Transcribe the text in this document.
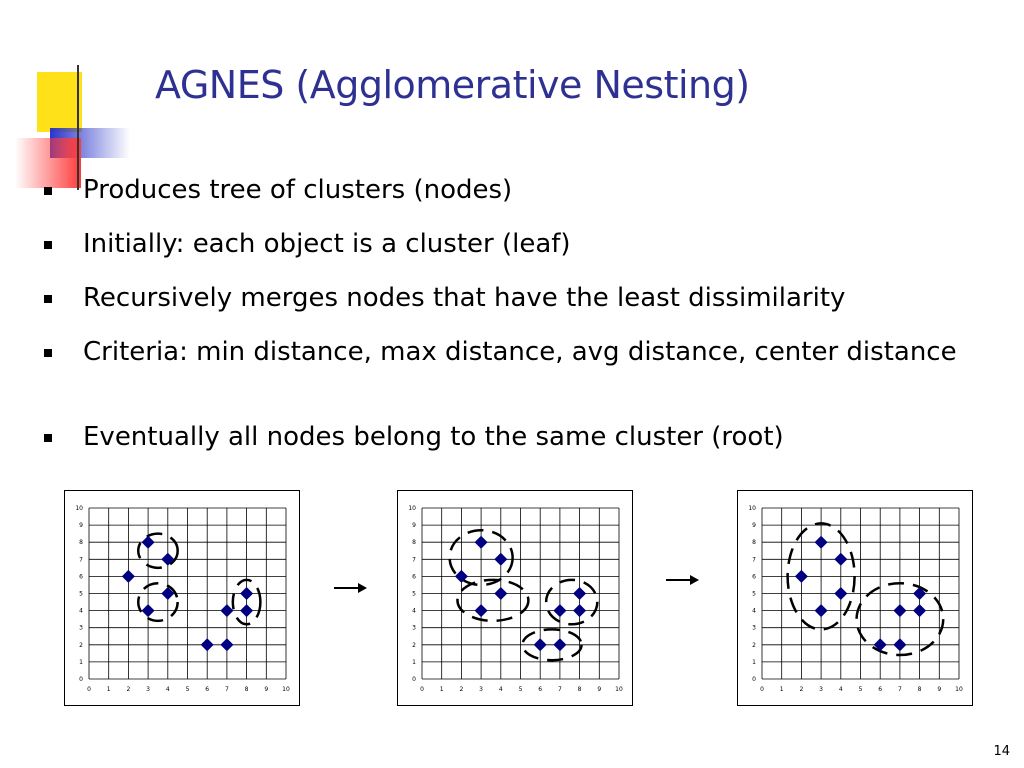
AGNES (Agglomerative Nesting)
Produces tree of clusters (nodes)
Initially: each object is a cluster (leaf)
Recursively merges nodes that have the least dissimilarity
Criteria: min distance, max distance, avg distance, center distance
Eventually all nodes belong to the same cluster (root)
0	1	2	3	4	5	6	7	8	9 10
0
1
2
3
4
5
6
7
8
9
10
0	1	2	3	4	5	6	7	8	9 10
0
1
2
3
4
5
6
7
8
9
10
0	1	2	3	4	5	6	7	8	9 10
0
1
2
3
4
5
6
7
8
9
10
14
